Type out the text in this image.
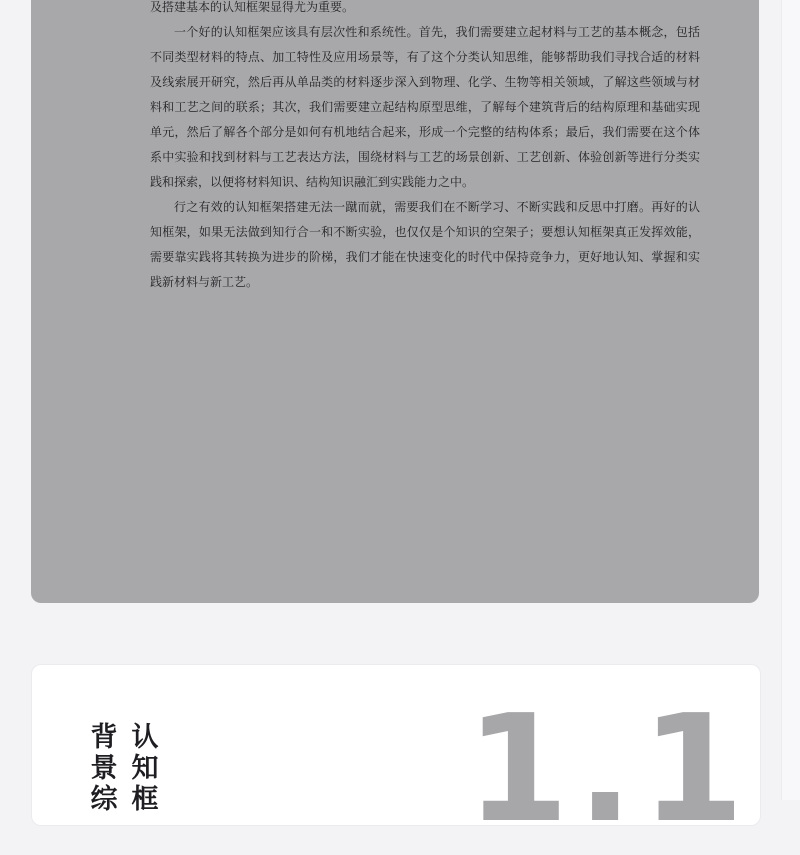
及搭建基本的认知框架显得尤为重要。

一个好的认知框架应该具有层次性和系统性。首先，我们需要建立起材料与工艺的基本概念，包括不同类型材料的特点、加工特性及应用场景等，有了这个分类认知思维，能够帮助我们寻找合适的材料及线索展开研究，然后再从单品类的材料逐步深入到物理、化学、生物等相关领域，了解这些领域与材料和工艺之间的联系；其次，我们需要建立起结构原型思维，了解每个建筑背后的结构原理和基础实现单元，然后了解各个部分是如何有机地结合起来，形成一个完整的结构体系；最后，我们需要在这个体系中实验和找到材料与工艺表达方法，围绕材料与工艺的场景创新、工艺创新、体验创新等进行分类实践和探索，以便将材料知识、结构知识融汇到实践能力之中。

行之有效的认知框架搭建无法一蹴而就，需要我们在不断学习、不断实践和反思中打磨。再好的认知框架，如果无法做到知行合一和不断实验，也仅仅是个知识的空架子；要想认知框架真正发挥效能，需要靠实践将其转换为进步的阶梯，我们才能在快速变化的时代中保持竞争力，更好地认知、掌握和实践新材料与新工艺。

背
景
综
认
知
框 1.1
